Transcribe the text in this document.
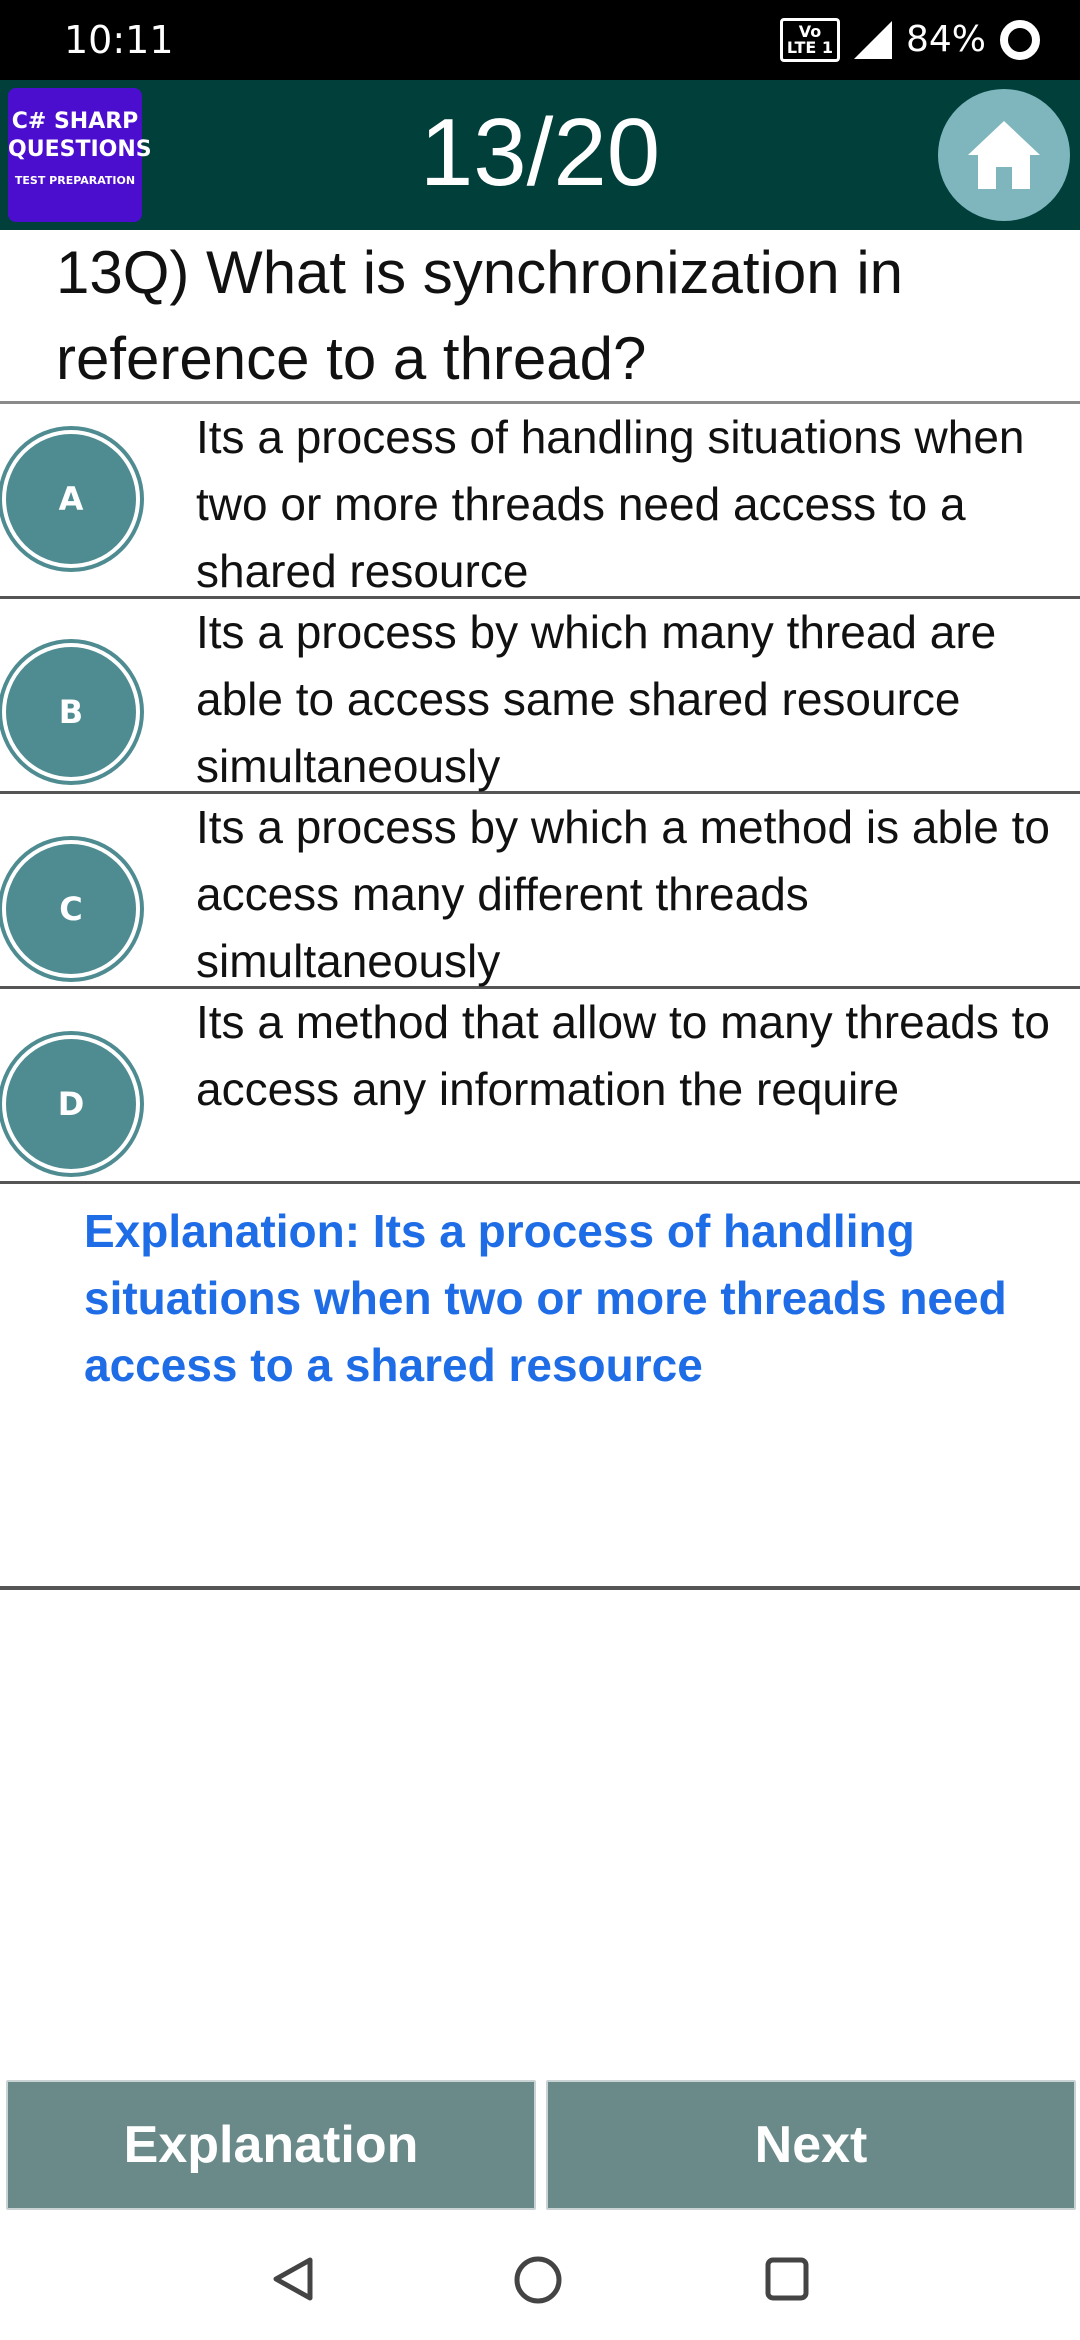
10:11	Vo
LTE 1 84%
C# SHARP
QUESTIONS
TEST PREPARATION	13/20
13Q) What is synchronization in reference to a thread?
A
Its a process of handling situations when two or more threads need access to a shared resource
B
Its a process by which many thread are able to access same shared resource simultaneously
C
Its a process by which a method is able to access many different threads simultaneously
D
Its a method that allow to many threads to access any information the require
Explanation: Its a process of handling situations when two or more threads need access to a shared resource
Explanation	Next
